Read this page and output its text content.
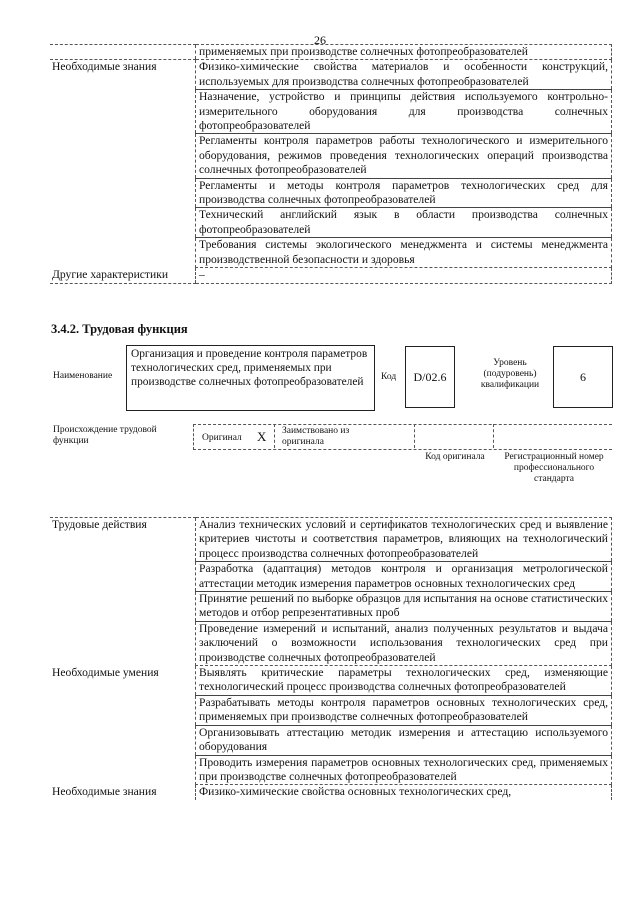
26
	применяемых при производстве солнечных фотопреобразователей
Необходимые знания	Физико-химические свойства материалов и особенности конструкций, используемых для производства солнечных фотопреобразователей
	Назначение, устройство и принципы действия используемого контрольно-измерительного оборудования для производства солнечных фотопреобразователей
	Регламенты контроля параметров работы технологического и измерительного оборудования, режимов проведения технологических операций производства солнечных фотопреобразователей
	Регламенты и методы контроля параметров технологических сред для производства солнечных фотопреобразователей
	Технический английский язык в области производства солнечных фотопреобразователей
	Требования системы экологического менеджмента и системы менеджмента производственной безопасности и здоровья
Другие характеристики	–
3.4.2. Трудовая функция
Наименование
Организация и проведение контроля параметров технологических сред, применяемых при производстве солнечных фотопреобразователей	Код	D/02.6
Уровень (подуровень) квалификации
6
Происхождение трудовой функции	Оригинал X Заимствовано из оригинала
Код оригинала	Регистрационный номер профессионального стандарта
Трудовые действия	Анализ технических условий и сертификатов технологических сред и выявление критериев чистоты и соответствия параметров, влияющих на технологический процесс производства солнечных фотопреобразователей
	Разработка (адаптация) методов контроля и организация метрологической аттестации методик измерения параметров основных технологических сред
	Принятие решений по выборке образцов для испытания на основе статистических методов и отбор репрезентативных проб
	Проведение измерений и испытаний, анализ полученных результатов и выдача заключений о возможности использования технологических сред при производстве солнечных фотопреобразователей
Необходимые умения	Выявлять критические параметры технологических сред, изменяющие технологический процесс производства солнечных фотопреобразователей
	Разрабатывать методы контроля параметров основных технологических сред, применяемых при производстве солнечных фотопреобразователей
	Организовывать аттестацию методик измерения и аттестацию используемого оборудования
	Проводить измерения параметров основных технологических сред, применяемых при производстве солнечных фотопреобразователей
Необходимые знания	Физико-химические свойства основных технологических сред,
